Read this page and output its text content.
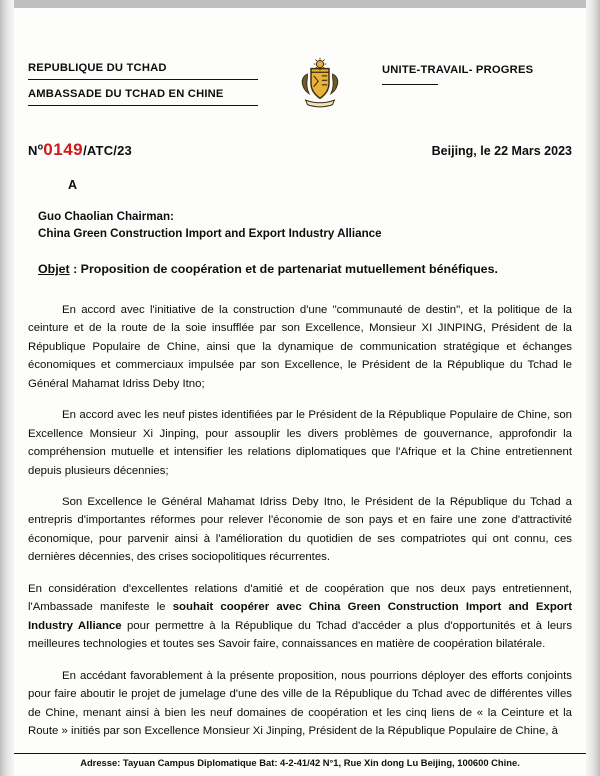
REPUBLIQUE DU TCHAD
AMBASSADE DU TCHAD EN CHINE
UNITE-TRAVAIL- PROGRES
$N^o0149/ATC/23$	Beijing, le 22 Mars 2023
A
Guo Chaolian Chairman:
China Green Construction Import and Export Industry Alliance
Objet : Proposition de coopération et de partenariat mutuellement bénéfiques.

En accord avec l'initiative de la construction d'une "communauté de destin", et la politique de la ceinture et de la route de la soie insufflée par son Excellence, Monsieur XI JINPING, Président de la République Populaire de Chine, ainsi que la dynamique de communication stratégique et échanges économiques et commerciaux impulsée par son Excellence, le Président de la République du Tchad le Général Mahamat Idriss Deby Itno;

En accord avec les neuf pistes identifiées par le Président de la République Populaire de Chine, son Excellence Monsieur Xi Jinping, pour assouplir les divers problèmes de gouvernance, approfondir la compréhension mutuelle et intensifier les relations diplomatiques que l'Afrique et la Chine entretiennent depuis plusieurs décennies;

Son Excellence le Général Mahamat Idriss Deby Itno, le Président de la République du Tchad a entrepris d'importantes réformes pour relever l'économie de son pays et en faire une zone d'attractivité économique, pour parvenir ainsi à l'amélioration du quotidien de ses compatriotes qui ont connu, ces dernières décennies, des crises sociopolitiques récurrentes.

En considération d'excellentes relations d'amitié et de coopération que nos deux pays entretiennent, l'Ambassade manifeste le souhait coopérer avec China Green Construction Import and Export Industry Alliance pour permettre à la République du Tchad d'accéder a plus d'opportunités et à leurs meilleures technologies et toutes ses Savoir faire, connaissances en matière de coopération bilatérale.

En accédant favorablement à la présente proposition, nous pourrions déployer des efforts conjoints pour faire aboutir le projet de jumelage d'une des ville de la République du Tchad avec de différentes villes de Chine, menant ainsi à bien les neuf domaines de coopération et les cinq liens de « la Ceinture et la Route » initiés par son Excellence Monsieur Xi Jinping, Président de la République Populaire de Chine, à

Adresse: Tayuan Campus Diplomatique Bat: 4-2-41/42 N°1, Rue Xin dong Lu Beijing, 100600 Chine.
